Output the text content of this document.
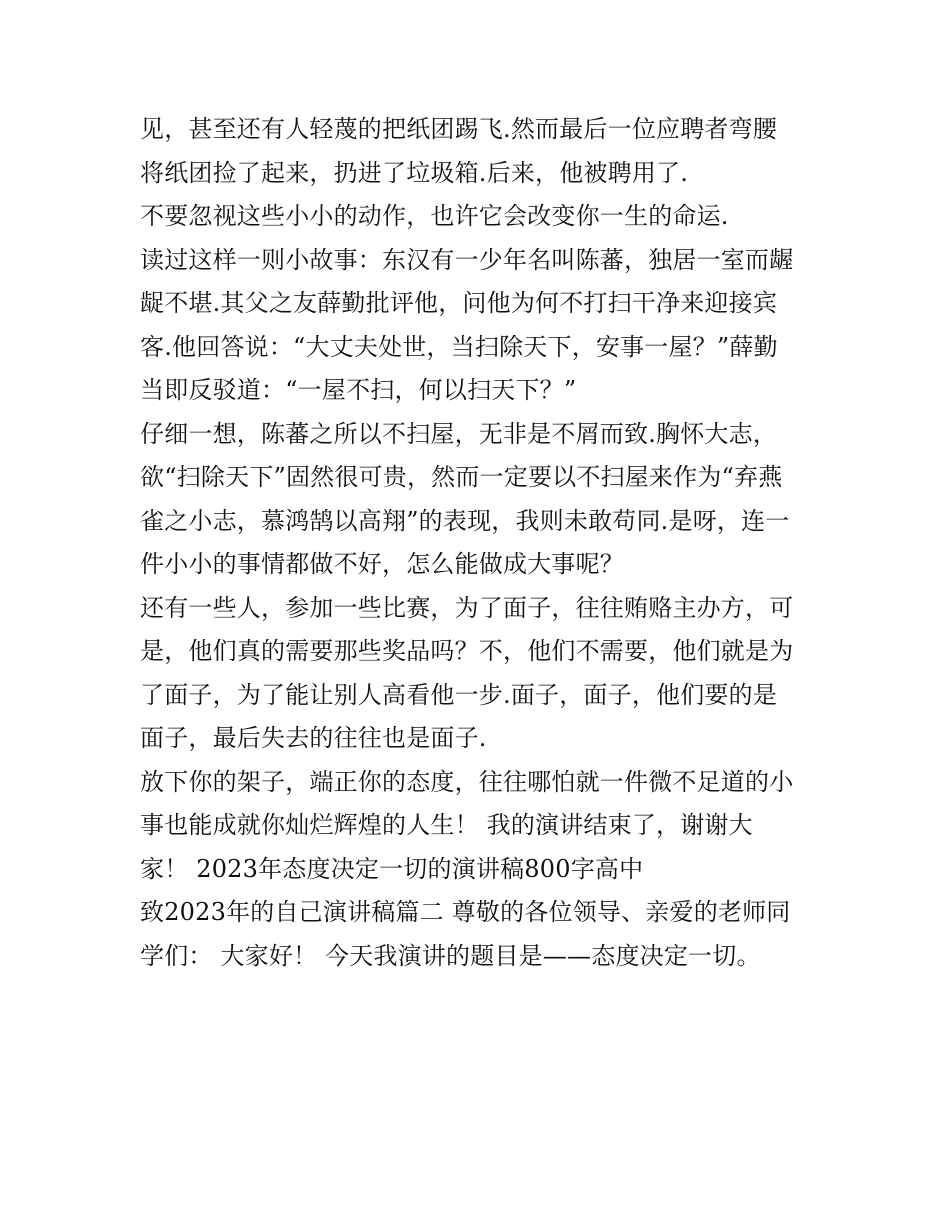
见，甚至还有人轻蔑的把纸团踢飞.然而最后一位应聘者弯腰
将纸团捡了起来，扔进了垃圾箱.后来，他被聘用了.
不要忽视这些小小的动作，也许它会改变你一生的命运.
读过这样一则小故事：东汉有一少年名叫陈蕃，独居一室而龌
龊不堪.其父之友薛勤批评他，问他为何不打扫干净来迎接宾
客.他回答说：“大丈夫处世，当扫除天下，安事一屋？”薛勤
当即反驳道：“一屋不扫，何以扫天下？”
仔细一想，陈蕃之所以不扫屋，无非是不屑而致.胸怀大志，
欲“扫除天下”固然很可贵，然而一定要以不扫屋来作为“弃燕
雀之小志，慕鸿鹄以高翔”的表现，我则未敢苟同.是呀，连一
件小小的事情都做不好，怎么能做成大事呢？
还有一些人，参加一些比赛，为了面子，往往贿赂主办方，可
是，他们真的需要那些奖品吗？不，他们不需要，他们就是为
了面子，为了能让别人高看他一步.面子，面子，他们要的是
面子，最后失去的往往也是面子.
放下你的架子，端正你的态度，往往哪怕就一件微不足道的小
事也能成就你灿烂辉煌的人生！ 我的演讲结束了，谢谢大
家！ 2023年态度决定一切的演讲稿800字高中
致2023年的自己演讲稿篇二 尊敬的各位领导、亲爱的老师同
学们： 大家好！ 今天我演讲的题目是——态度决定一切。
